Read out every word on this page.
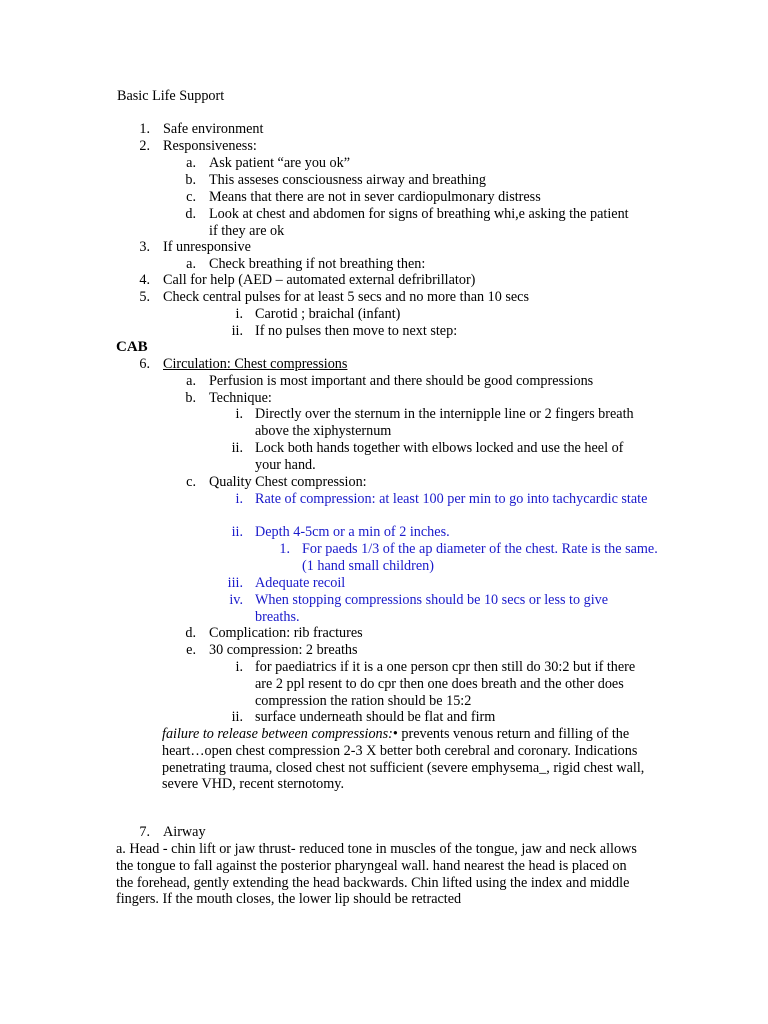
Basic Life Support
1. Safe environment
2. Responsiveness:
a. Ask patient “are you ok”
b. This asseses consciousness airway and breathing
c. Means that there are not in sever cardiopulmonary distress
d. Look at chest and abdomen for signs of breathing whi,e asking the patient if they are ok
3. If unresponsive
a. Check breathing if not breathing then:
4. Call for help (AED – automated external defribrillator)
5. Check central pulses for at least 5 secs and no more than 10 secs
i. Carotid ; braichal (infant)
ii. If no pulses then move to next step:
CAB
6. Circulation: Chest compressions
a. Perfusion is most important and there should be good compressions
b. Technique:
i. Directly over the sternum in the internipple line or 2 fingers breath above the xiphysternum
ii. Lock both hands together with elbows locked and use the heel of your hand.
c. Quality Chest compression:
i. Rate of compression: at least 100 per min to go into tachycardic state
ii. Depth 4-5cm or a min of 2 inches.
1. For paeds 1/3 of the ap diameter of the chest. Rate is the same. (1 hand small children)
iii. Adequate recoil
iv. When stopping compressions should be 10 secs or less to give breaths.
d. Complication: rib fractures
e. 30 compression: 2 breaths
i. for paediatrics if it is a one person cpr then still do 30:2 but if there are 2 ppl resent to do cpr then one does breath and the other does compression the ration should be 15:2
ii. surface underneath should be flat and firm
failure to release between compressions:• prevents venous return and filling of the heart…open chest compression 2-3 X better both cerebral and coronary. Indications penetrating trauma, closed chest not sufficient (severe emphysema_, rigid chest wall, severe VHD, recent sternotomy.
7. Airway
a. Head - chin lift or jaw thrust- reduced tone in muscles of the tongue, jaw and neck allows the tongue to fall against the posterior pharyngeal wall. hand nearest the head is placed on the forehead, gently extending the head backwards. Chin lifted using the index and middle fingers. If the mouth closes, the lower lip should be retracted
